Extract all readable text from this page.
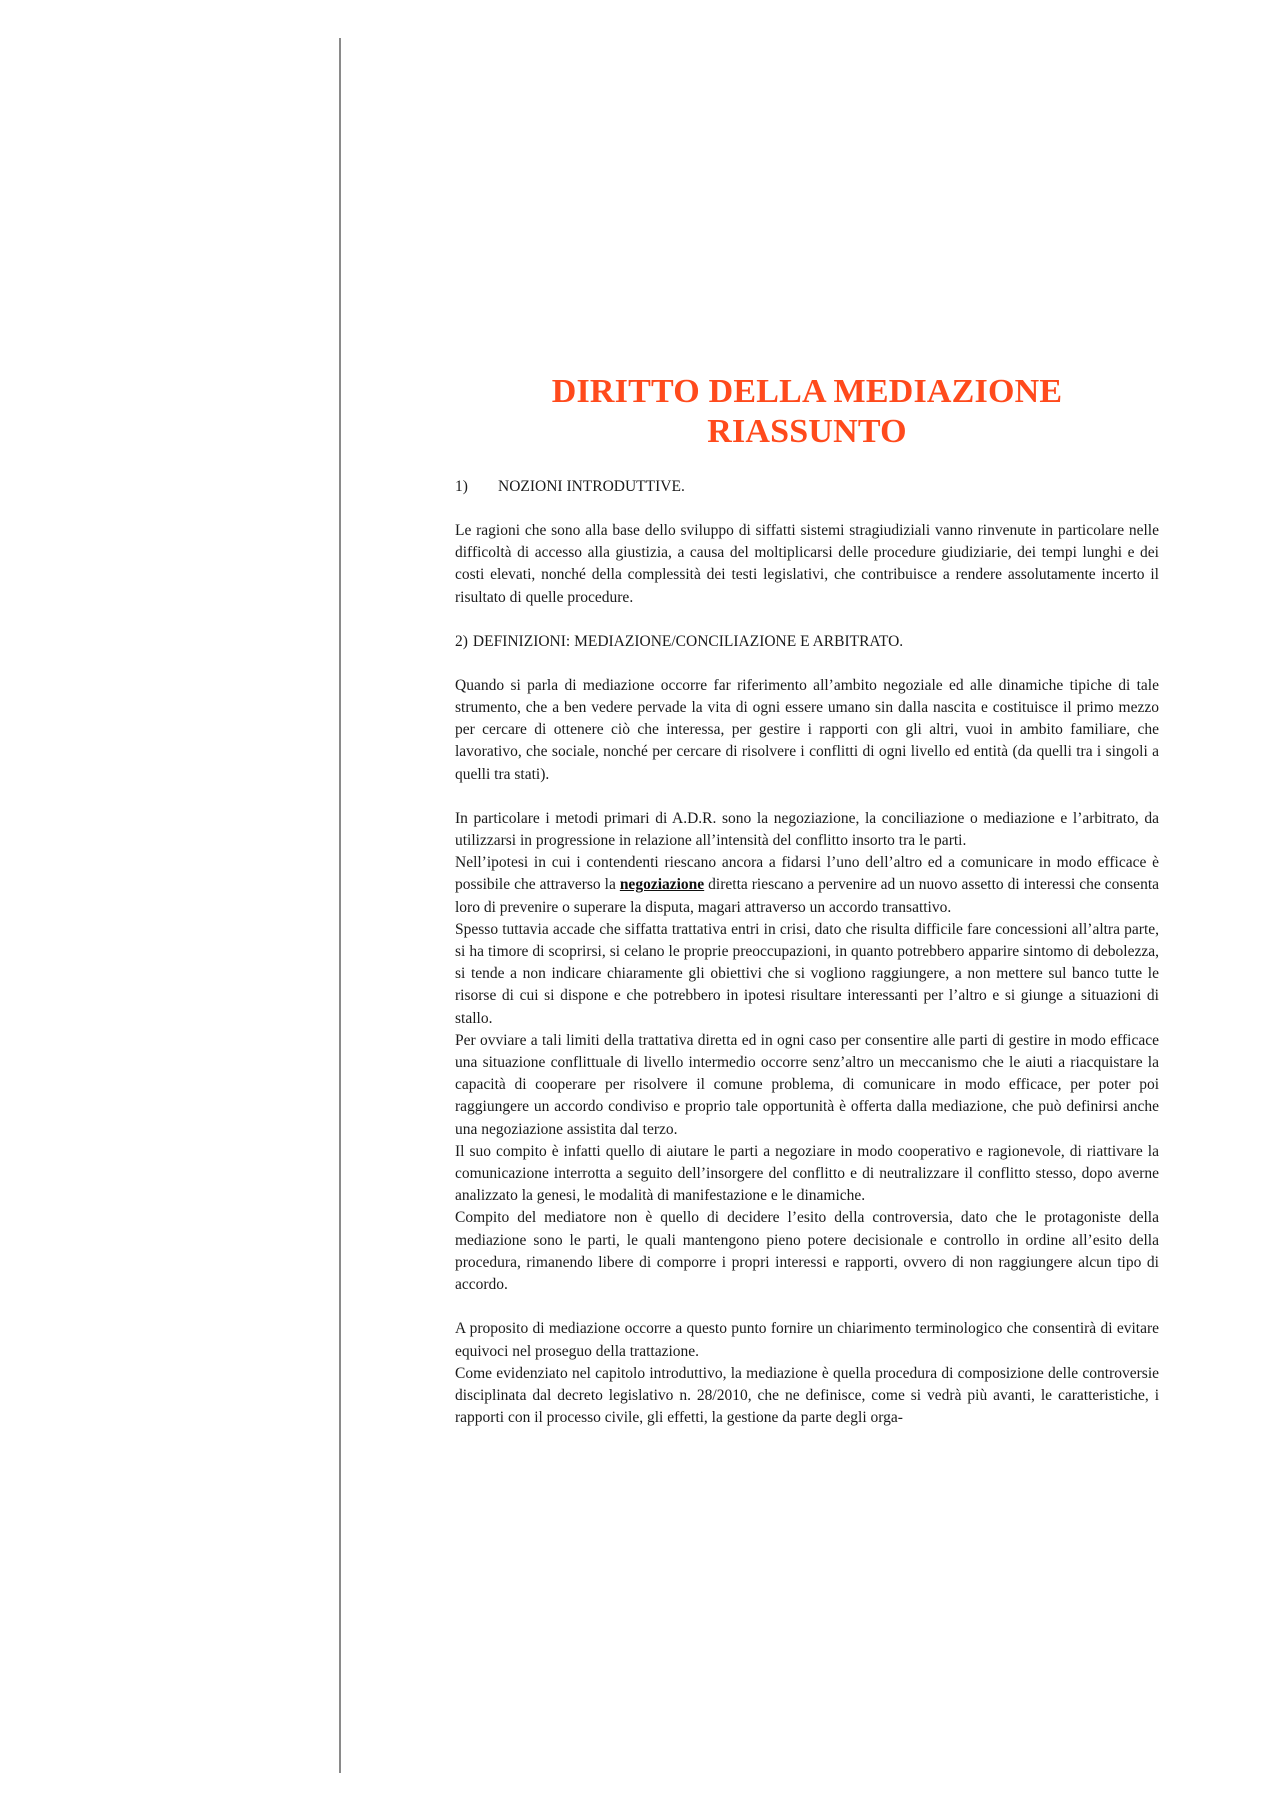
DIRITTO DELLA MEDIAZIONE
RIASSUNTO
1) NOZIONI INTRODUTTIVE.

Le ragioni che sono alla base dello sviluppo di siffatti sistemi stragiudiziali vanno rinvenute in particolare nelle difficoltà di accesso alla giustizia, a causa del moltiplicarsi delle procedure giudiziarie, dei tempi lunghi e dei costi elevati, nonché della complessità dei testi legislativi, che contribuisce a rendere assolutamente incerto il risultato di quelle procedure.

2) DEFINIZIONI: MEDIAZIONE/CONCILIAZIONE E ARBITRATO.

Quando si parla di mediazione occorre far riferimento all’ambito negoziale ed alle dinamiche tipiche di tale strumento, che a ben vedere pervade la vita di ogni essere umano sin dalla nascita e costituisce il primo mezzo per cercare di ottenere ciò che interessa, per gestire i rapporti con gli altri, vuoi in ambito familiare, che lavorativo, che sociale, nonché per cercare di risolvere i conflitti di ogni livello ed entità (da quelli tra i singoli a quelli tra stati).

In particolare i metodi primari di A.D.R. sono la negoziazione, la conciliazione o mediazione e l’arbitrato, da utilizzarsi in progressione in relazione all’intensità del conflitto insorto tra le parti.

Nell’ipotesi in cui i contendenti riescano ancora a fidarsi l’uno dell’altro ed a comunicare in modo efficace è possibile che attraverso la negoziazione diretta riescano a pervenire ad un nuovo assetto di interessi che consenta loro di prevenire o superare la disputa, magari attraverso un accordo transattivo.

Spesso tuttavia accade che siffatta trattativa entri in crisi, dato che risulta difficile fare concessioni all’altra parte, si ha timore di scoprirsi, si celano le proprie preoccupazioni, in quanto potrebbero apparire sintomo di debolezza, si tende a non indicare chiaramente gli obiettivi che si vogliono raggiungere, a non mettere sul banco tutte le risorse di cui si dispone e che potrebbero in ipotesi risultare interessanti per l’altro e si giunge a situazioni di stallo.

Per ovviare a tali limiti della trattativa diretta ed in ogni caso per consentire alle parti di gestire in modo efficace una situazione conflittuale di livello intermedio occorre senz’altro un meccanismo che le aiuti a riacquistare la capacità di cooperare per risolvere il comune problema, di comunicare in modo efficace, per poter poi raggiungere un accordo condiviso e proprio tale opportunità è offerta dalla mediazione, che può definirsi anche una negoziazione assistita dal terzo.

Il suo compito è infatti quello di aiutare le parti a negoziare in modo cooperativo e ragionevole, di riattivare la comunicazione interrotta a seguito dell’insorgere del conflitto e di neutralizzare il conflitto stesso, dopo averne analizzato la genesi, le modalità di manifestazione e le dinamiche.

Compito del mediatore non è quello di decidere l’esito della controversia, dato che le protagoniste della mediazione sono le parti, le quali mantengono pieno potere decisionale e controllo in ordine all’esito della procedura, rimanendo libere di comporre i propri interessi e rapporti, ovvero di non raggiungere alcun tipo di accordo.

A proposito di mediazione occorre a questo punto fornire un chiarimento terminologico che consentirà di evitare equivoci nel proseguo della trattazione.

Come evidenziato nel capitolo introduttivo, la mediazione è quella procedura di composizione delle controversie disciplinata dal decreto legislativo n. 28/2010, che ne definisce, come si vedrà più avanti, le caratteristiche, i rapporti con il processo civile, gli effetti, la gestione da parte degli orga-
